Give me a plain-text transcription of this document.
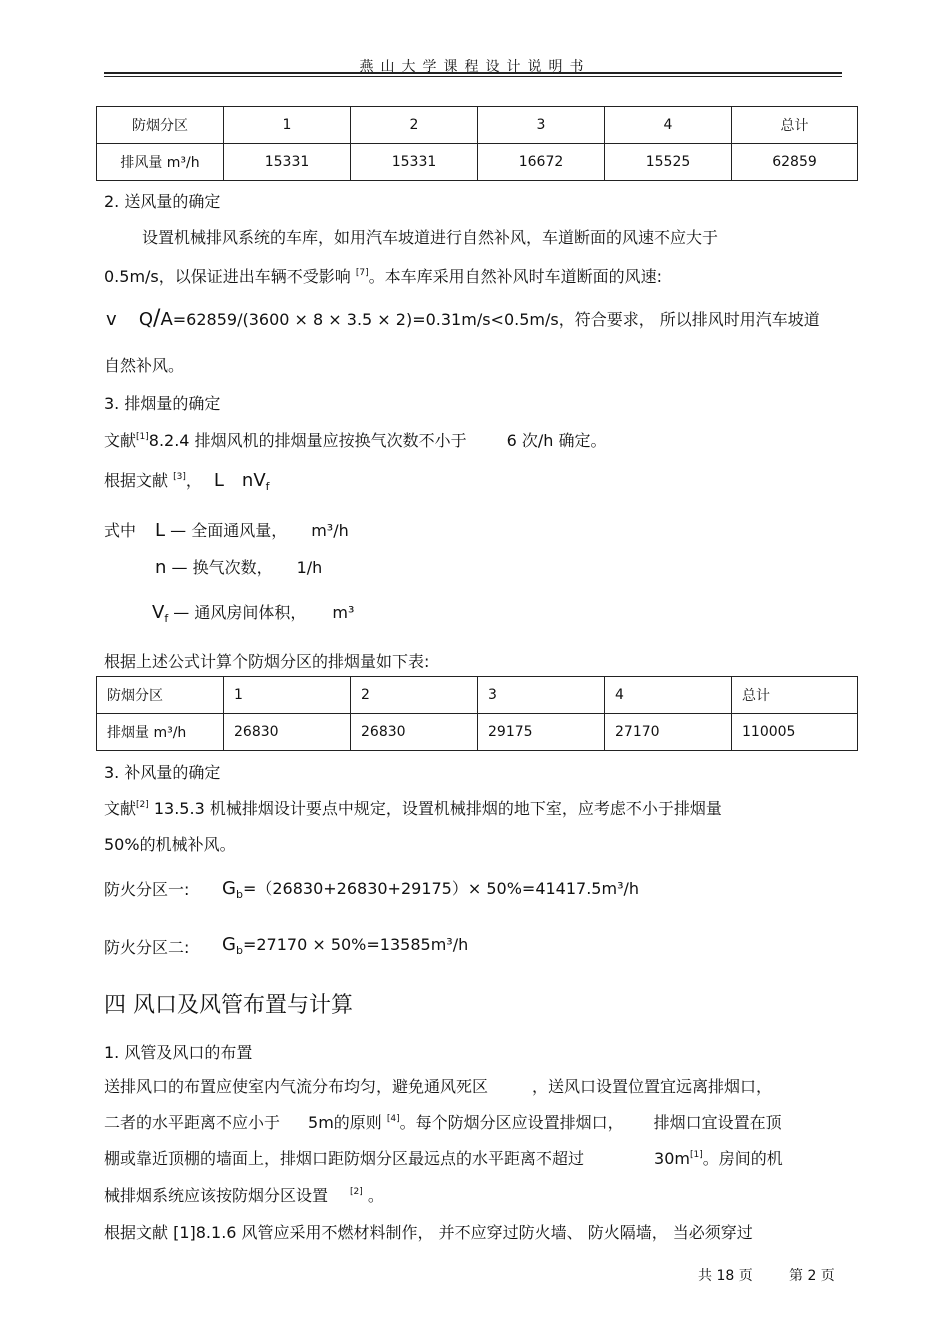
燕山大学课程设计说明书
防烟分区	1	2	3	4	总计
排风量 m³/h	15331	15331	16672	15525	62859
2. 送风量的确定
设置机械排风系统的车库，如用汽车坡道进行自然补风，车道断面的风速不应大于
0.5m/s，以保证进出车辆不受影响 [7]。本车库采用自然补风时车道断面的风速:
v Q/A=62859/(3600 × 8 × 3.5 × 2)=0.31m/s<0.5m/s，符合要求， 所以排风时用汽车坡道
自然补风。
3. 排烟量的确定
文献[1]8.2.4 排烟风机的排烟量应按换气次数不小于	6 次/h 确定。
根据文献 [3]， L $nV_f$
式中 L — 全面通风量， m³/h
n — 换气次数， 1/h
$V_f$ — 通风房间体积， m³
根据上述公式计算个防烟分区的排烟量如下表:
防烟分区	1	2	3	4	总计
排烟量 m³/h	26830	26830	29175	27170	110005
3. 补风量的确定
文献[2] 13.5.3 机械排烟设计要点中规定，设置机械排烟的地下室，应考虑不小于排烟量
50%的机械补风。
防火分区一: $G_b=(26830+26830+29175)\times 50\%=41417.5m^3/h$
防火分区二: $G_b=27170 \times 50\%=13585m^3/h$
四 风口及风管布置与计算
1. 风管及风口的布置
送排风口的布置应使室内气流分布均匀，避免通风死区	，送风口设置位置宜远离排烟口，
二者的水平距离不应小于 5m的原则 [4]。每个防烟分区应设置排烟口， 排烟口宜设置在顶
棚或靠近顶棚的墙面上，排烟口距防烟分区最远点的水平距离不超过	30m[1]。房间的机
械排烟系统应该按防烟分区设置 [2] 。
根据文献 [1]8.1.6 风管应采用不燃材料制作， 并不应穿过防火墙、 防火隔墙， 当必须穿过
共 18 页	第 2 页
